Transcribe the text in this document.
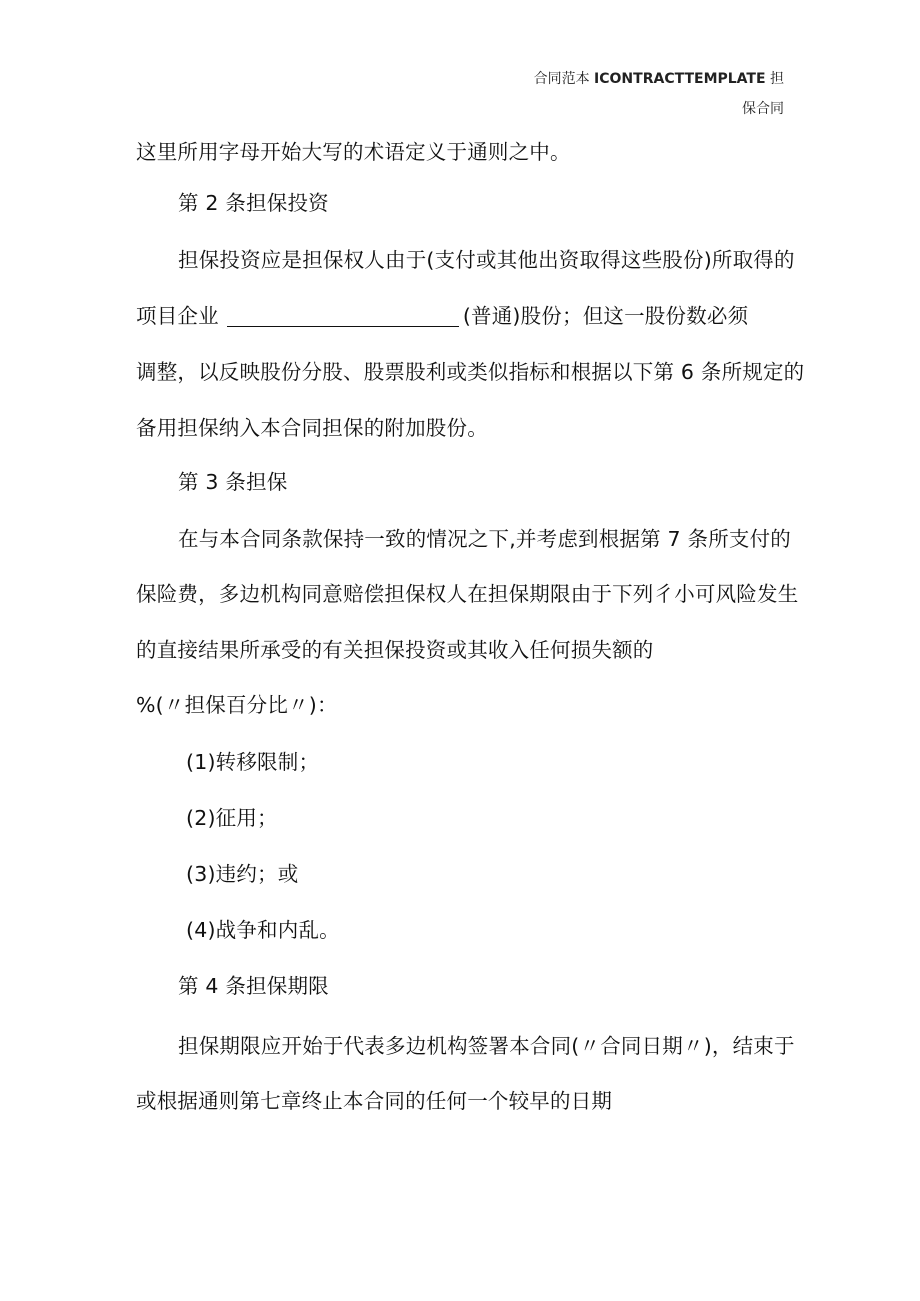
合同范本 ICONTRACTTEMPLATE 担
保合同
这里所用字母开始大写的术语定义于通则之中。
第 2 条担保投资
担保投资应是担保权人由于(支付或其他出资取得这些股份)所取得的
项目企业	(普通)股份；但这一股份数必须
调整，以反映股份分股、股票股利或类似指标和根据以下第 6 条所规定的
备用担保纳入本合同担保的附加股份。
第 3 条担保
在与本合同条款保持一致的情况之下,并考虑到根据第 7 条所支付的
保险费，多边机构同意赔偿担保权人在担保期限由于下列彳小可风险发生
的直接结果所承受的有关担保投资或其收入任何损失额的
%(〃担保百分比〃)：
(1)转移限制；
(2)征用；
(3)违约；或
(4)战争和内乱。
第 4 条担保期限
担保期限应开始于代表多边机构签署本合同(〃合同日期〃)，结束于
或根据通则第七章终止本合同的任何一个较早的日期
